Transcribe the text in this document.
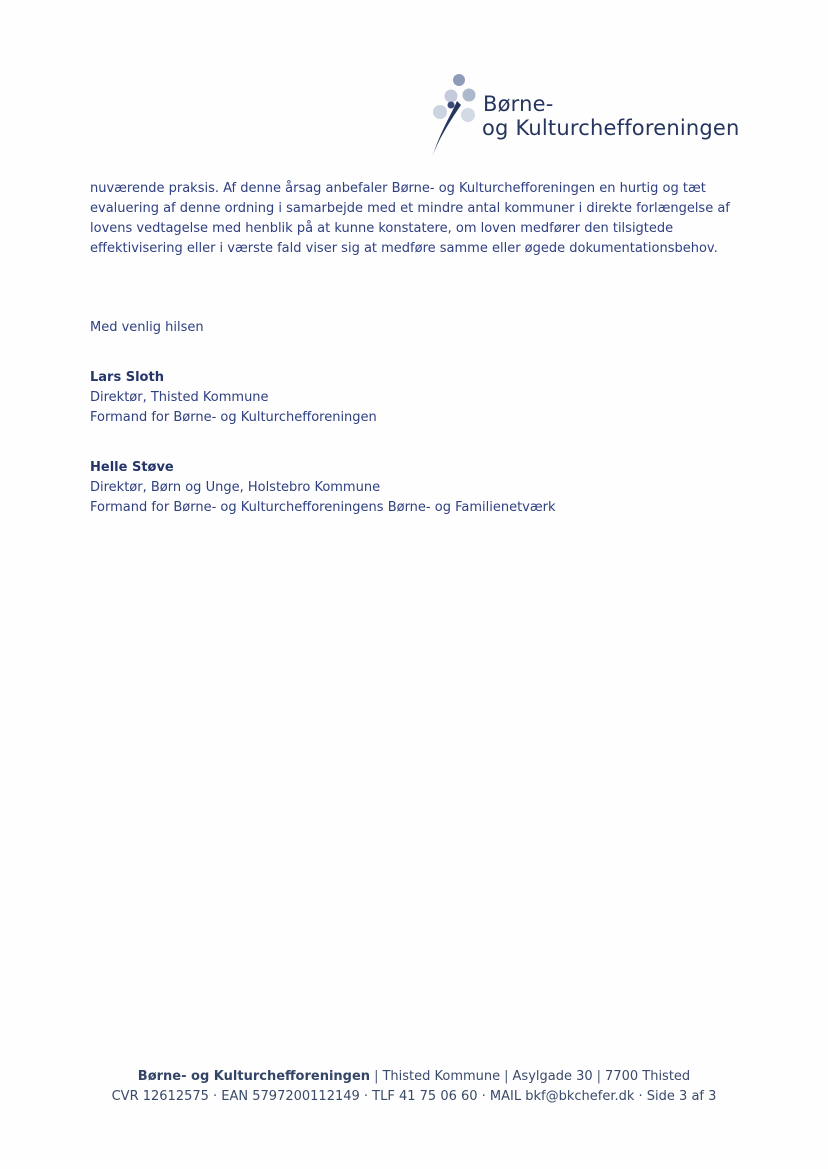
Børne-
og Kulturchefforeningen
nuværende praksis. Af denne årsag anbefaler Børne- og Kulturchefforeningen en hurtig og tæt
evaluering af denne ordning i samarbejde med et mindre antal kommuner i direkte forlængelse af
lovens vedtagelse med henblik på at kunne konstatere, om loven medfører den tilsigtede
effektivisering eller i værste fald viser sig at medføre samme eller øgede dokumentationsbehov.
Med venlig hilsen
Lars Sloth
Direktør, Thisted Kommune
Formand for Børne- og Kulturchefforeningen
Helle Støve
Direktør, Børn og Unge, Holstebro Kommune
Formand for Børne- og Kulturchefforeningens Børne- og Familienetværk
Børne- og Kulturchefforeningen | Thisted Kommune | Asylgade 30 | 7700 Thisted
CVR 12612575 · EAN 5797200112149 · TLF 41 75 06 60 · MAIL bkf@bkchefer.dk · Side 3 af 3
